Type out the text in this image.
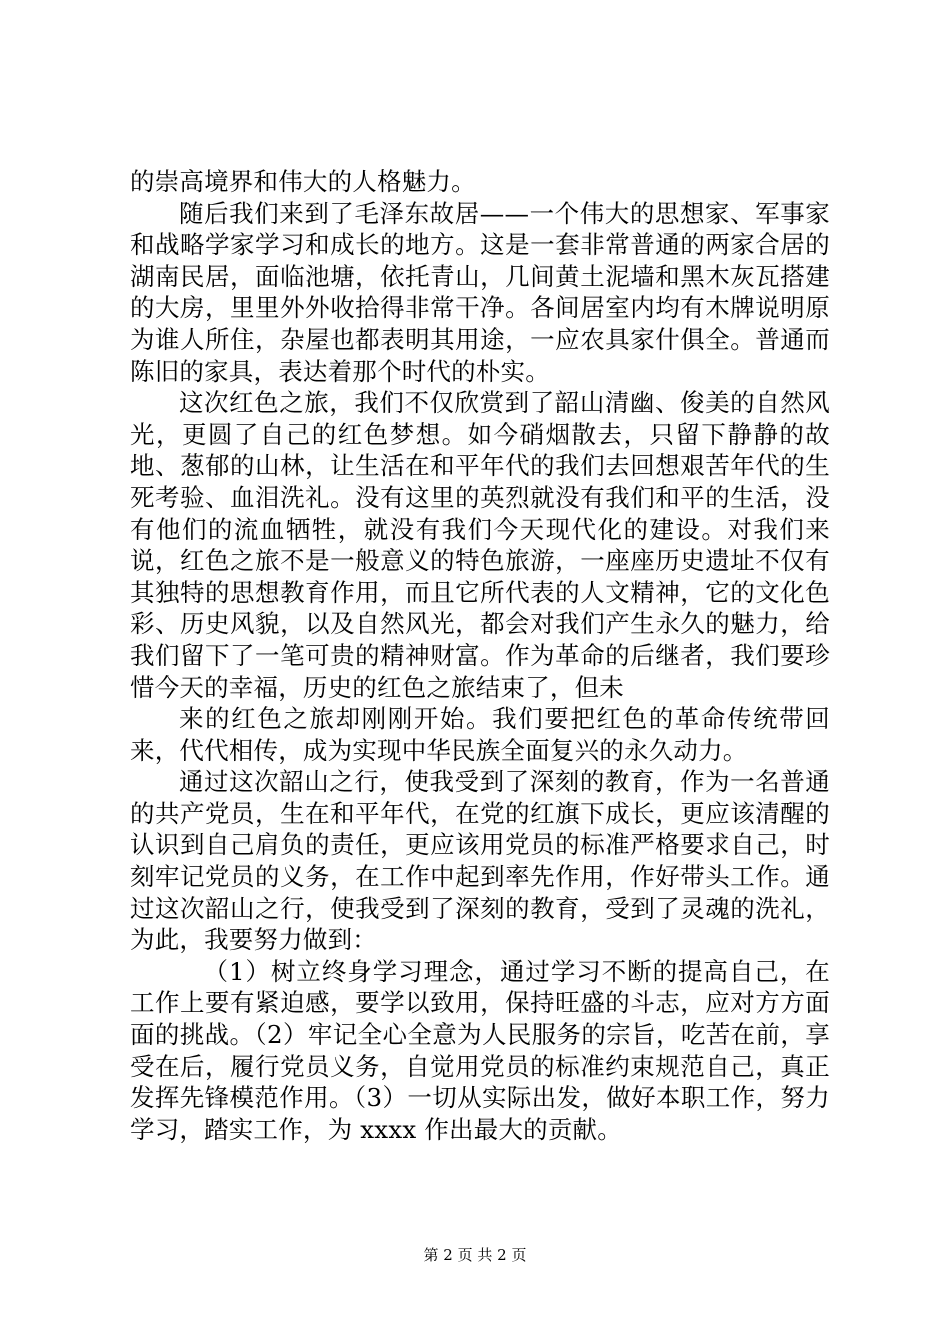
的崇高境界和伟大的人格魅力。

随后我们来到了毛泽东故居——一个伟大的思想家、军事家和战略学家学习和成长的地方。这是一套非常普通的两家合居的湖南民居，面临池塘，依托青山，几间黄土泥墙和黑木灰瓦搭建的大房，里里外外收拾得非常干净。各间居室内均有木牌说明原为谁人所住，杂屋也都表明其用途，一应农具家什俱全。普通而陈旧的家具，表达着那个时代的朴实。

这次红色之旅，我们不仅欣赏到了韶山清幽、俊美的自然风光，更圆了自己的红色梦想。如今硝烟散去，只留下静静的故地、葱郁的山林，让生活在和平年代的我们去回想艰苦年代的生死考验、血泪洗礼。没有这里的英烈就没有我们和平的生活，没有他们的流血牺牲，就没有我们今天现代化的建设。对我们来说，红色之旅不是一般意义的特色旅游，一座座历史遗址不仅有其独特的思想教育作用，而且它所代表的人文精神，它的文化色彩、历史风貌，以及自然风光，都会对我们产生永久的魅力，给我们留下了一笔可贵的精神财富。作为革命的后继者，我们要珍惜今天的幸福，历史的红色之旅结束了，但未

来的红色之旅却刚刚开始。我们要把红色的革命传统带回来，代代相传，成为实现中华民族全面复兴的永久动力。

通过这次韶山之行，使我受到了深刻的教育，作为一名普通的共产党员，生在和平年代，在党的红旗下成长，更应该清醒的认识到自己肩负的责任，更应该用党员的标准严格要求自己，时刻牢记党员的义务，在工作中起到率先作用，作好带头工作。通过这次韶山之行，使我受到了深刻的教育，受到了灵魂的洗礼，为此，我要努力做到：

（1）树立终身学习理念，通过学习不断的提高自己，在工作上要有紧迫感，要学以致用，保持旺盛的斗志，应对方方面面的挑战。（2）牢记全心全意为人民服务的宗旨，吃苦在前，享受在后，履行党员义务，自觉用党员的标准约束规范自己，真正发挥先锋模范作用。（3）一切从实际出发，做好本职工作，努力学习，踏实工作，为 xxxx 作出最大的贡献。

第 2 页 共 2 页
